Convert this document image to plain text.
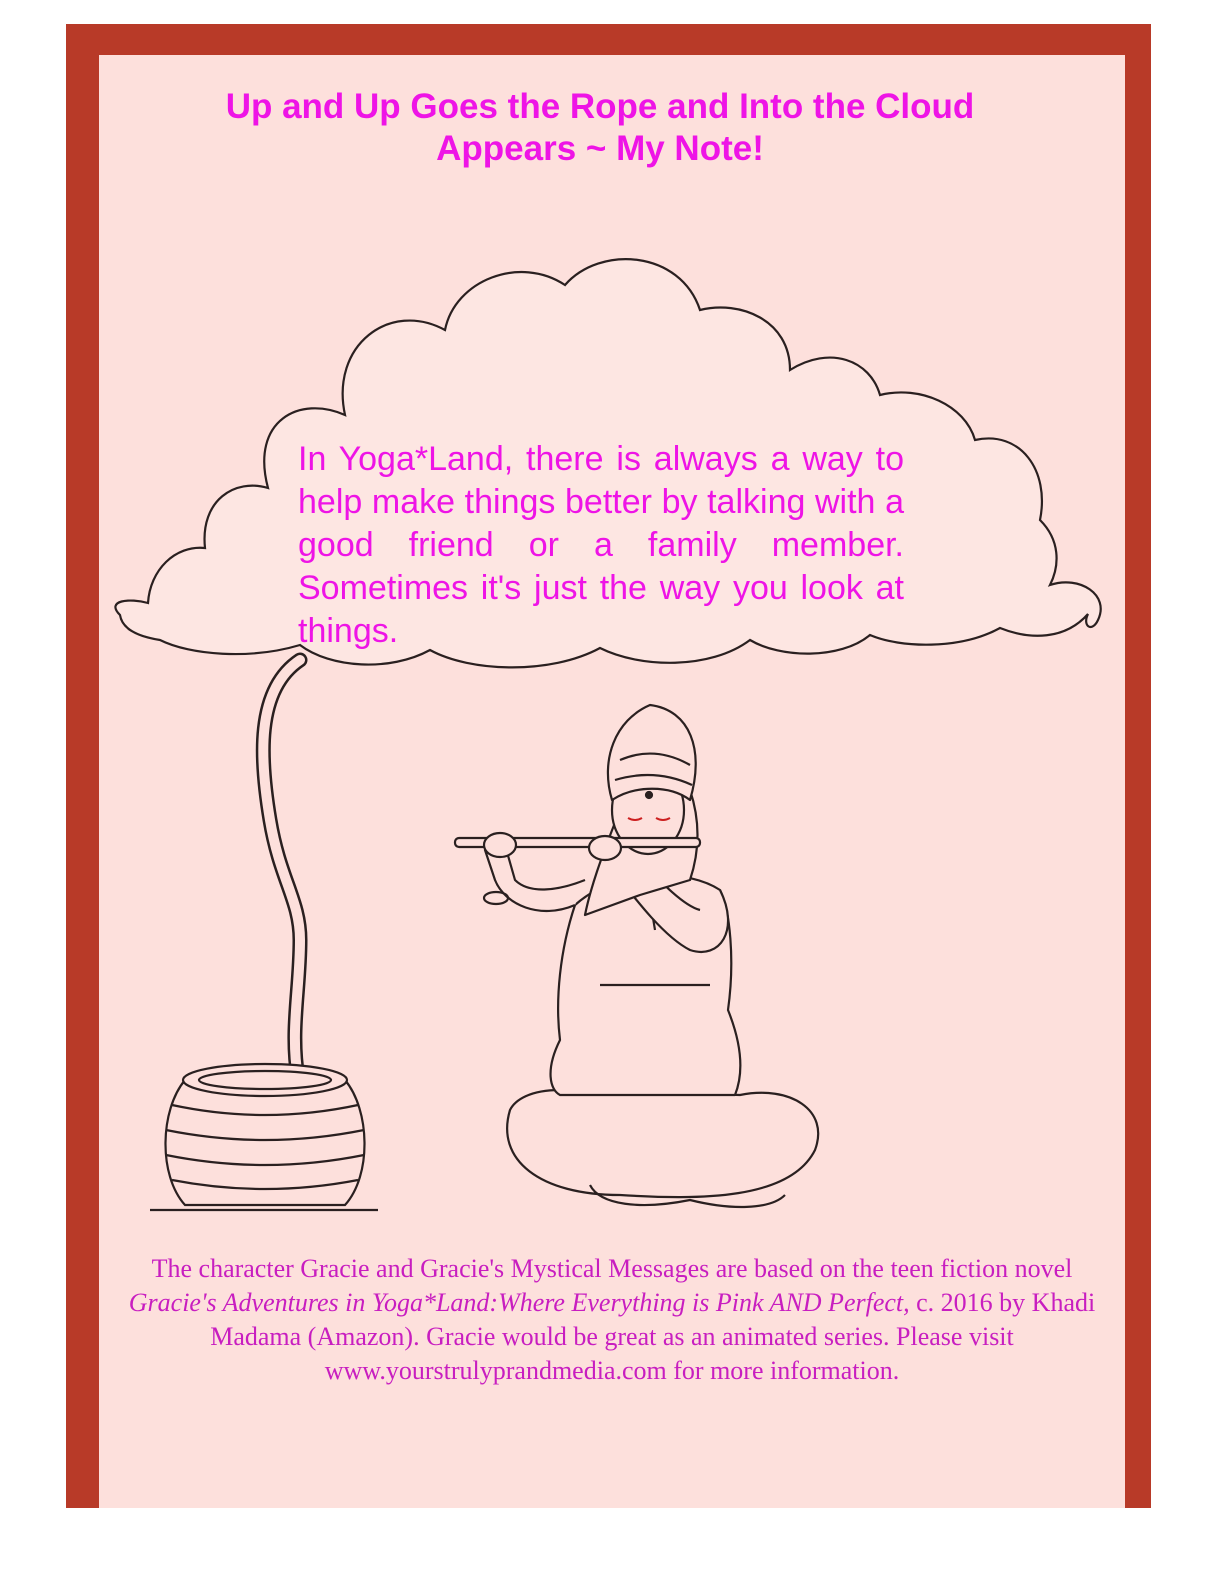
Up and Up Goes the Rope and Into the Cloud
Appears ~ My Note!
In Yoga*Land, there is always a way to help make things better by talking with a good friend or a family member. Sometimes it's just the way you look at things.
The character Gracie and Gracie's Mystical Messages are based on the teen fiction novel Gracie's Adventures in Yoga*Land:Where Everything is Pink AND Perfect, c. 2016 by Khadi Madama (Amazon). Gracie would be great as an animated series. Please visit www.yourstrulyprandmedia.com for more information.
